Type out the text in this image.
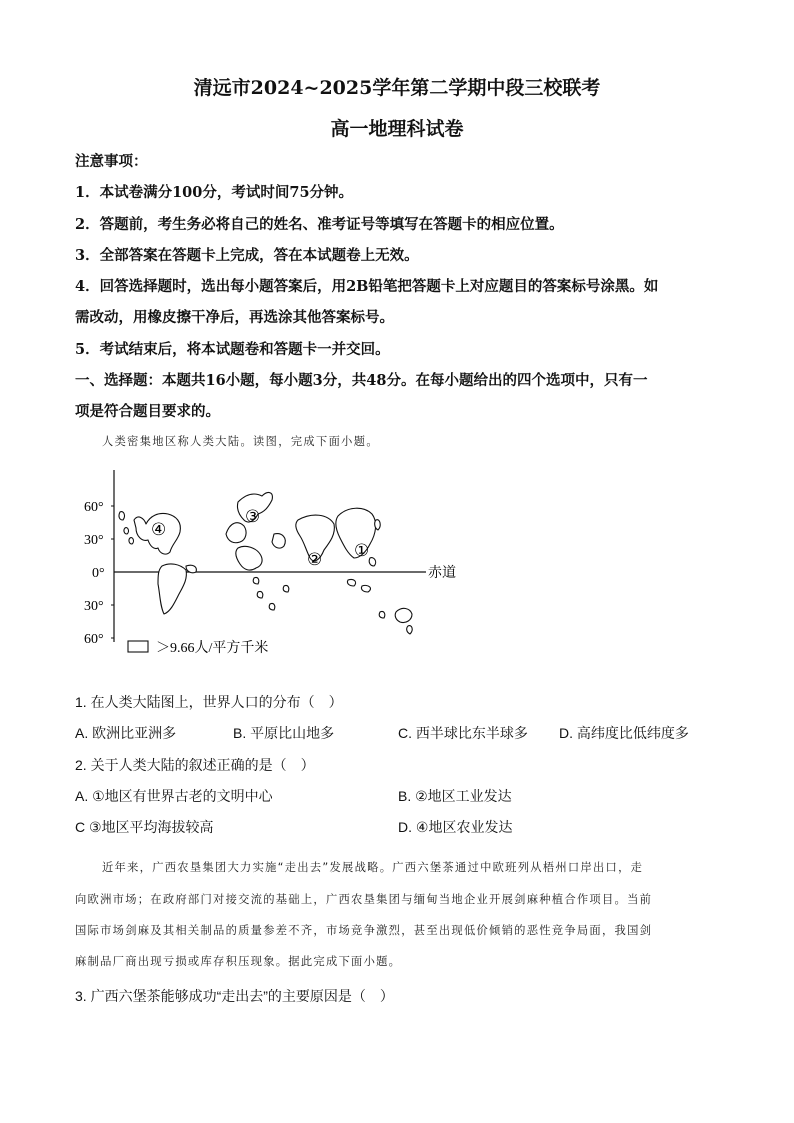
清远市2024~2025学年第二学期中段三校联考
高一地理科试卷
注意事项：
1．本试卷满分100分，考试时间75分钟。
2．答题前，考生务必将自己的姓名、准考证号等填写在答题卡的相应位置。
3．全部答案在答题卡上完成，答在本试题卷上无效。
4．回答选择题时，选出每小题答案后，用2B铅笔把答题卡上对应题目的答案标号涂黑。如
需改动，用橡皮擦干净后，再选涂其他答案标号。
5．考试结束后，将本试题卷和答题卡一并交回。
一、选择题：本题共16小题，每小题3分，共48分。在每小题给出的四个选项中，只有一
项是符合题目要求的。
人类密集地区称人类大陆。读图，完成下面小题。
60°
30°
0°
30°
60°
赤道
④
③
② ①
＞9.66人/平方千米
1. 在人类大陆图上，世界人口的分布（　）
A. 欧洲比亚洲多	B. 平原比山地多	C. 西半球比东半球多 D. 高纬度比低纬度多
2. 关于人类大陆的叙述正确的是（　）
A. ①地区有世界古老的文明中心	B. ②地区工业发达
C ③地区平均海拔较高	D. ④地区农业发达
近年来，广西农垦集团大力实施“走出去”发展战略。广西六堡茶通过中欧班列从梧州口岸出口，走
向欧洲市场；在政府部门对接交流的基础上，广西农垦集团与缅甸当地企业开展剑麻种植合作项目。当前
国际市场剑麻及其相关制品的质量参差不齐，市场竞争激烈，甚至出现低价倾销的恶性竞争局面，我国剑
麻制品厂商出现亏损或库存积压现象。据此完成下面小题。
3. 广西六堡茶能够成功“走出去”的主要原因是（　）
